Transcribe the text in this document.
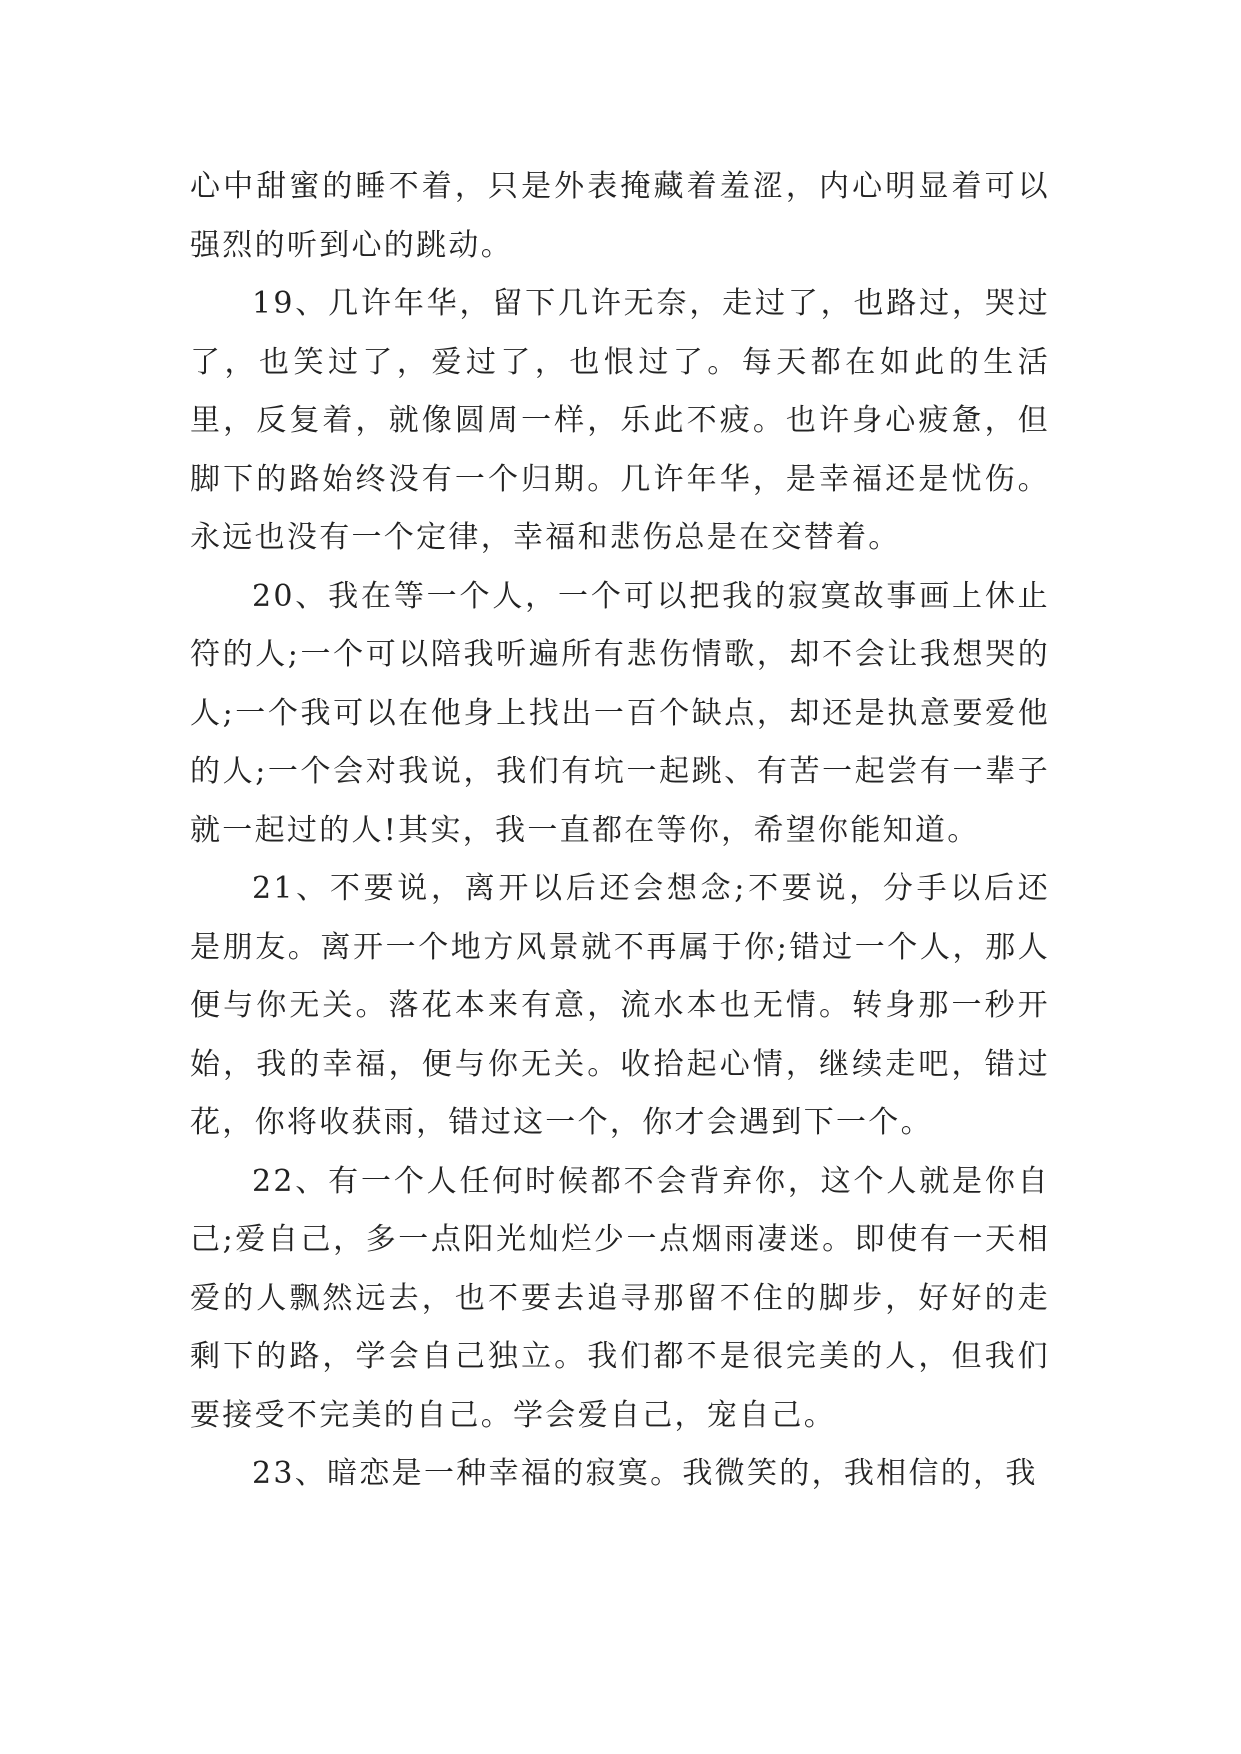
心中甜蜜的睡不着，只是外表掩藏着羞涩，内心明显着可以强烈的听到心的跳动。

19、几许年华，留下几许无奈，走过了，也路过，哭过了，也笑过了，爱过了，也恨过了。每天都在如此的生活里，反复着，就像圆周一样，乐此不疲。也许身心疲惫，但脚下的路始终没有一个归期。几许年华，是幸福还是忧伤。永远也没有一个定律，幸福和悲伤总是在交替着。

20、我在等一个人，一个可以把我的寂寞故事画上休止符的人;一个可以陪我听遍所有悲伤情歌，却不会让我想哭的人;一个我可以在他身上找出一百个缺点，却还是执意要爱他的人;一个会对我说，我们有坑一起跳、有苦一起尝有一辈子就一起过的人!其实，我一直都在等你，希望你能知道。

21、不要说，离开以后还会想念;不要说，分手以后还是朋友。离开一个地方风景就不再属于你;错过一个人，那人便与你无关。落花本来有意，流水本也无情。转身那一秒开始，我的幸福，便与你无关。收拾起心情，继续走吧，错过花，你将收获雨，错过这一个，你才会遇到下一个。

22、有一个人任何时候都不会背弃你，这个人就是你自己;爱自己，多一点阳光灿烂少一点烟雨凄迷。即使有一天相爱的人飘然远去，也不要去追寻那留不住的脚步，好好的走剩下的路，学会自己独立。我们都不是很完美的人，但我们要接受不完美的自己。学会爱自己，宠自己。

23、暗恋是一种幸福的寂寞。我微笑的，我相信的，我
